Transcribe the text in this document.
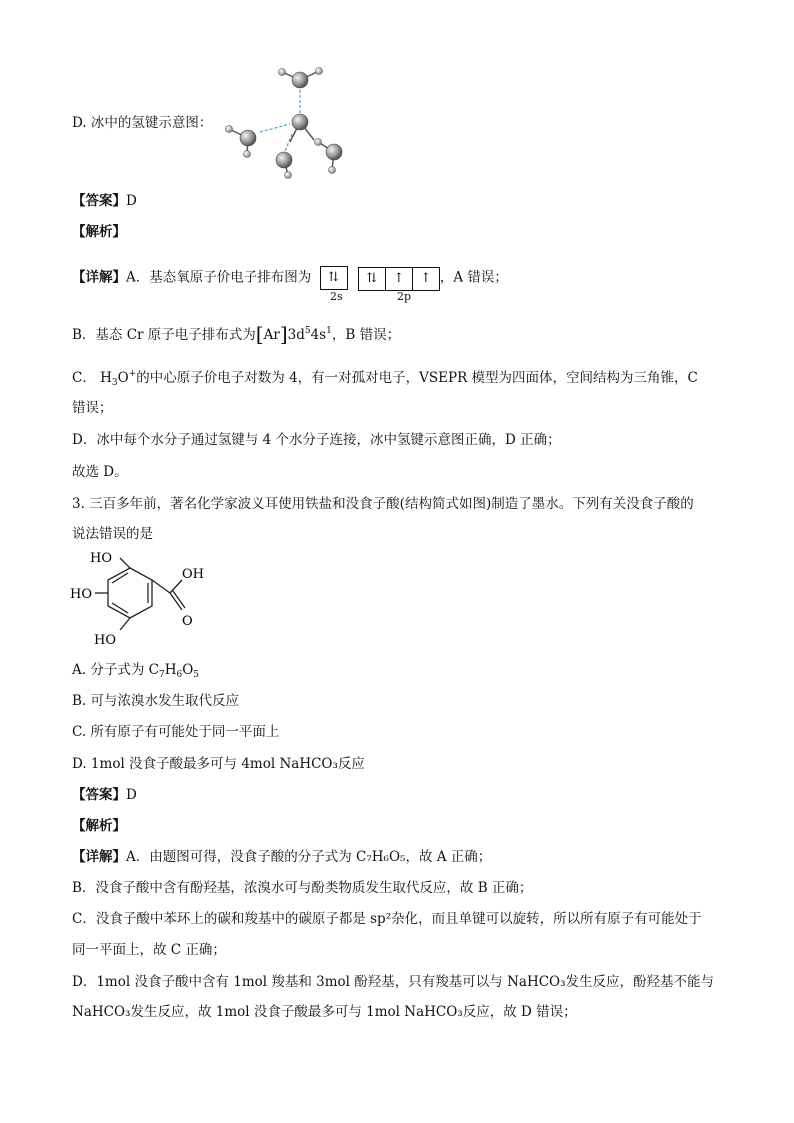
D. 冰中的氢键示意图：
【答案】D
【解析】
【详解】A．基态氧原子价电子排布图为 ⇅	⇅	↑	↑ ，A 错误；
2s	2p
B．基态 Cr 原子电子排布式为$[Ar]3d^54s^1$，B 错误；
C． $H_3O^+$的中心原子价电子对数为 4，有一对孤对电子，VSEPR 模型为四面体，空间结构为三角锥，C
错误；
D．冰中每个水分子通过氢键与 4 个水分子连接，冰中氢键示意图正确，D 正确；
故选 D。
3. 三百多年前，著名化学家波义耳使用铁盐和没食子酸(结构简式如图)制造了墨水。下列有关没食子酸的
说法错误的是
HO
HO
HO
OH
O
A. 分子式为 $C_7H_6O_5$
B. 可与浓溴水发生取代反应
C. 所有原子有可能处于同一平面上
D. 1mol 没食子酸最多可与 4mol NaHCO₃反应
【答案】D
【解析】
【详解】A．由题图可得，没食子酸的分子式为 C₇H₆O₅，故 A 正确；
B．没食子酸中含有酚羟基，浓溴水可与酚类物质发生取代反应，故 B 正确；
C．没食子酸中苯环上的碳和羧基中的碳原子都是 sp²杂化，而且单键可以旋转，所以所有原子有可能处于
同一平面上，故 C 正确；
D．1mol 没食子酸中含有 1mol 羧基和 3mol 酚羟基，只有羧基可以与 NaHCO₃发生反应，酚羟基不能与
NaHCO₃发生反应，故 1mol 没食子酸最多可与 1mol NaHCO₃反应，故 D 错误；
